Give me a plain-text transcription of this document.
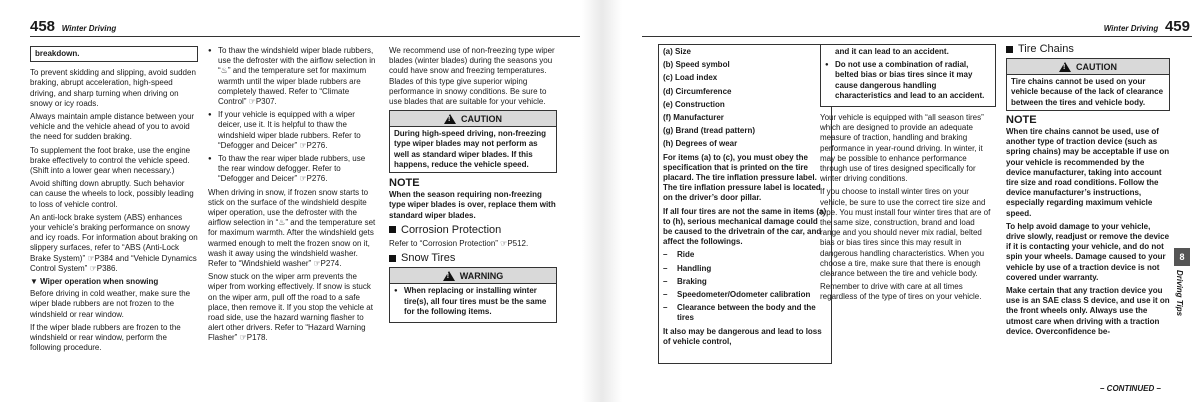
458 Winter Driving
breakdown.

To prevent skidding and slipping, avoid sudden braking, abrupt acceleration, high-speed driving, and sharp turning when driving on snowy or icy roads.

Always maintain ample distance between your vehicle and the vehicle ahead of you to avoid the need for sudden braking.

To supplement the foot brake, use the engine brake effectively to control the vehicle speed. (Shift into a lower gear when necessary.)

Avoid shifting down abruptly. Such behavior can cause the wheels to lock, possibly leading to loss of vehicle control.

An anti-lock brake system (ABS) enhances your vehicle’s braking performance on snowy and icy roads. For information about braking on slippery surfaces, refer to “ABS (Anti-Lock Brake System)” ☞P384 and “Vehicle Dynamics Control System” ☞P386.

▼ Wiper operation when snowing

Before driving in cold weather, make sure the wiper blade rubbers are not frozen to the windshield or rear window.

If the wiper blade rubbers are frozen to the windshield or rear window, perform the following procedure.

● To thaw the windshield wiper blade rubbers, use the defroster with the airflow selection in “♨” and the temperature set for maximum warmth until the wiper blade rubbers are completely thawed. Refer to “Climate Control” ☞P307.
● If your vehicle is equipped with a wiper deicer, use it. It is helpful to thaw the windshield wiper blade rubbers. Refer to “Defogger and Deicer” ☞P276.
● To thaw the rear wiper blade rubbers, use the rear window defogger. Refer to “Defogger and Deicer” ☞P276.

When driving in snow, if frozen snow starts to stick on the surface of the windshield despite wiper operation, use the defroster with the airflow selection in “♨” and the temperature set for maximum warmth. After the windshield gets warmed enough to melt the frozen snow on it, wash it away using the windshield washer. Refer to “Windshield washer” ☞P274.

Snow stuck on the wiper arm prevents the wiper from working effectively. If snow is stuck on the wiper arm, pull off the road to a safe place, then remove it. If you stop the vehicle at road side, use the hazard warning flasher to alert other drivers. Refer to “Hazard Warning Flasher” ☞P178.

We recommend use of non-freezing type wiper blades (winter blades) during the seasons you could have snow and freezing temperatures. Blades of this type give superior wiping performance in snowy conditions. Be sure to use blades that are suitable for your vehicle.

!
CAUTION
During high-speed driving, non-freezing type wiper blades may not perform as well as standard wiper blades. If this happens, reduce the vehicle speed.
NOTE

When the season requiring non-freezing type wiper blades is over, replace them with standard wiper blades.

Corrosion Protection

Refer to “Corrosion Protection” ☞P512.

Snow Tires
!
WARNING
● When replacing or installing winter tire(s), all four tires must be the same for the following items.
Winter Driving 459
(a) Size
(b) Speed symbol
(c) Load index
(d) Circumference
(e) Construction
(f) Manufacturer
(g) Brand (tread pattern)
(h) Degrees of wear

For items (a) to (c), you must obey the specification that is printed on the tire placard. The tire inflation pressure label. The tire inflation pressure label is located on the driver’s door pillar.

If all four tires are not the same in items (a) to (h), serious mechanical damage could be caused to the drivetrain of the car, and affect the followings.

– Ride
– Handling
– Braking
– Speedometer/Odometer calibration
– Clearance between the body and the tires

It also may be dangerous and lead to loss of vehicle control,

and it can lead to an accident.

● Do not use a combination of radial, belted bias or bias tires since it may cause dangerous handling characteristics and lead to an accident.

Your vehicle is equipped with “all season tires” which are designed to provide an adequate measure of traction, handling and braking performance in year-round driving. In winter, it may be possible to enhance performance through use of tires designed specifically for winter driving conditions.

If you choose to install winter tires on your vehicle, be sure to use the correct tire size and type. You must install four winter tires that are of the same size, construction, brand and load range and you should never mix radial, belted bias or bias tires since this may result in dangerous handling characteristics. When you choose a tire, make sure that there is enough clearance between the tire and vehicle body.

Remember to drive with care at all times regardless of the type of tires on your vehicle.

Tire Chains
!
CAUTION
Tire chains cannot be used on your vehicle because of the lack of clearance between the tires and vehicle body.
NOTE

When tire chains cannot be used, use of another type of traction device (such as spring chains) may be acceptable if use on your vehicle is recommended by the device manufacturer, taking into account tire size and road conditions. Follow the device manufacturer’s instructions, especially regarding maximum vehicle speed.

To help avoid damage to your vehicle, drive slowly, readjust or remove the device if it is contacting your vehicle, and do not spin your wheels. Damage caused to your vehicle by use of a traction device is not covered under warranty.

Make certain that any traction device you use is an SAE class S device, and use it on the front wheels only. Always use the utmost care when driving with a traction device. Overconfidence be-

8
Driving Tips
– CONTINUED –
